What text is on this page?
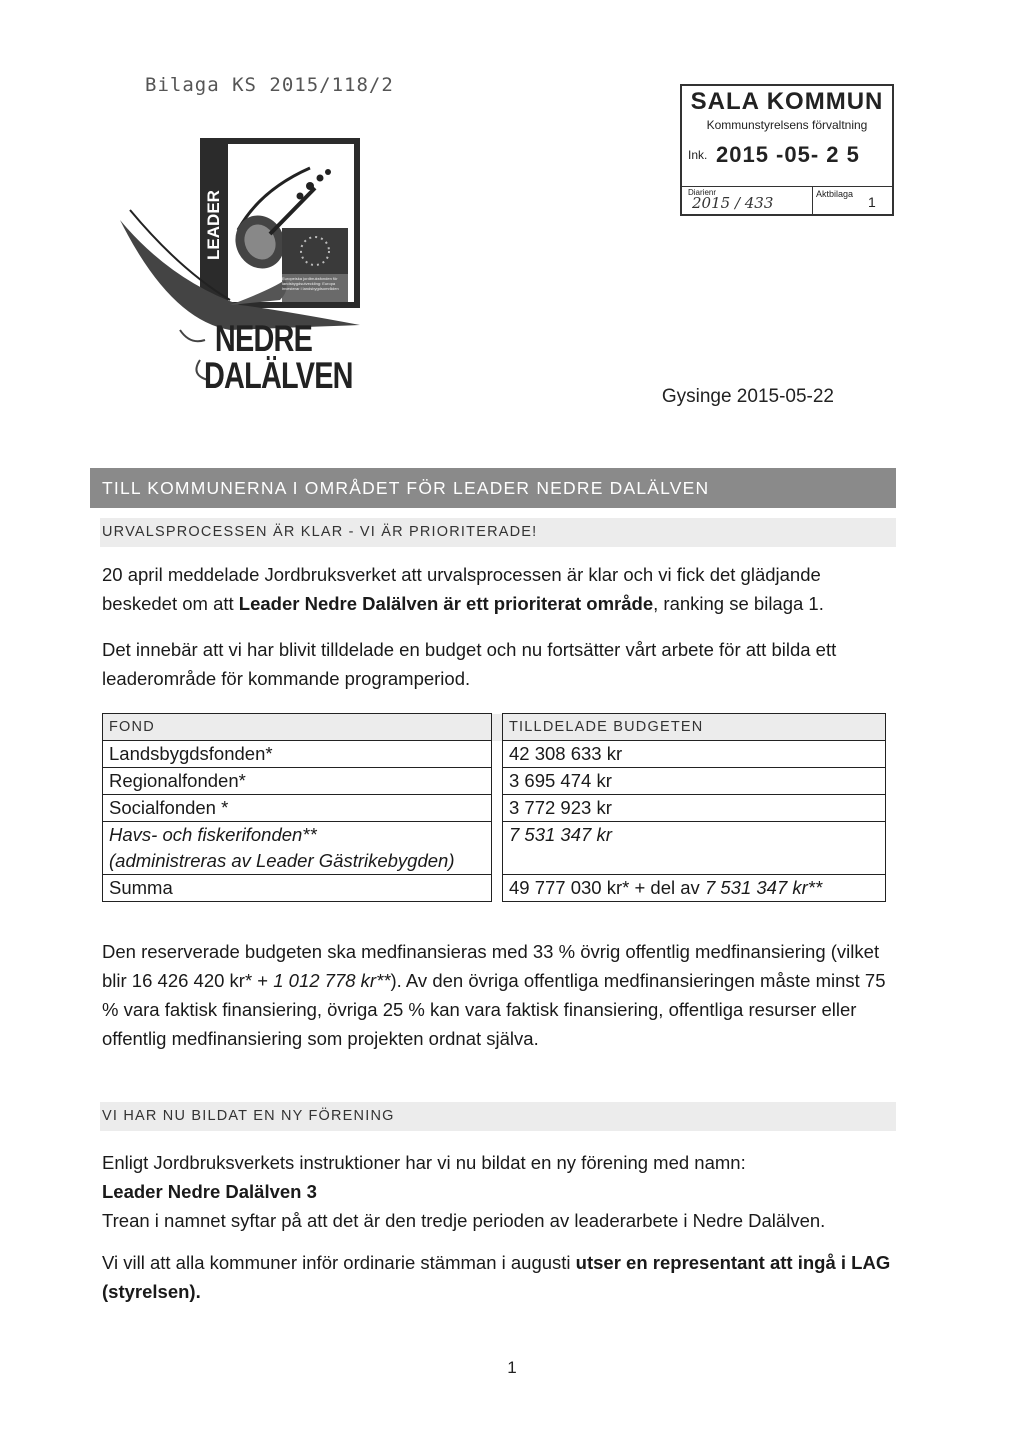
Bilaga KS 2015/118/2
SALA KOMMUN
Kommunstyrelsens förvaltning
Ink. 2015 -05- 2 5
Diarienr	Aktbilaga
2015 / 433	1
LEADER
NEDRE
DALÄLVEN
Europeiska jordbruksfonden för landsbygdsutveckling: Europa investerar i landsbygdsområden
Gysinge 2015-05-22
TILL KOMMUNERNA I OMRÅDET FÖR LEADER NEDRE DALÄLVEN
URVALSPROCESSEN ÄR KLAR - VI ÄR PRIORITERADE!
20 april meddelade Jordbruksverket att urvalsprocessen är klar och vi fick det glädjande beskedet om att Leader Nedre Dalälven är ett prioriterat område, ranking se bilaga 1.
Det innebär att vi har blivit tilldelade en budget och nu fortsätter vårt arbete för att bilda ett leaderområde för kommande programperiod.
FOND		TILLDELADE BUDGETEN
Landsbygdsfonden*		42 308 633 kr
Regionalfonden*		3 695 474 kr
Socialfonden *		3 772 923 kr

Havs- och fiskerifonden**
(administreras av Leader Gästrikebygden)		7 531 347 kr
Summa		49 777 030 kr* + del av 7 531 347 kr**
Den reserverade budgeten ska medfinansieras med 33 % övrig offentlig medfinansiering (vilket blir 16 426 420 kr* + 1 012 778 kr**). Av den övriga offentliga medfinansieringen måste minst 75 % vara faktisk finansiering, övriga 25 % kan vara faktisk finansiering, offentliga resurser eller offentlig medfinansiering som projekten ordnat själva.
VI HAR NU BILDAT EN NY FÖRENING
Enligt Jordbruksverkets instruktioner har vi nu bildat en ny förening med namn:
Leader Nedre Dalälven 3
Trean i namnet syftar på att det är den tredje perioden av leaderarbete i Nedre Dalälven.
Vi vill att alla kommuner inför ordinarie stämman i augusti utser en representant att ingå i LAG (styrelsen).
1
